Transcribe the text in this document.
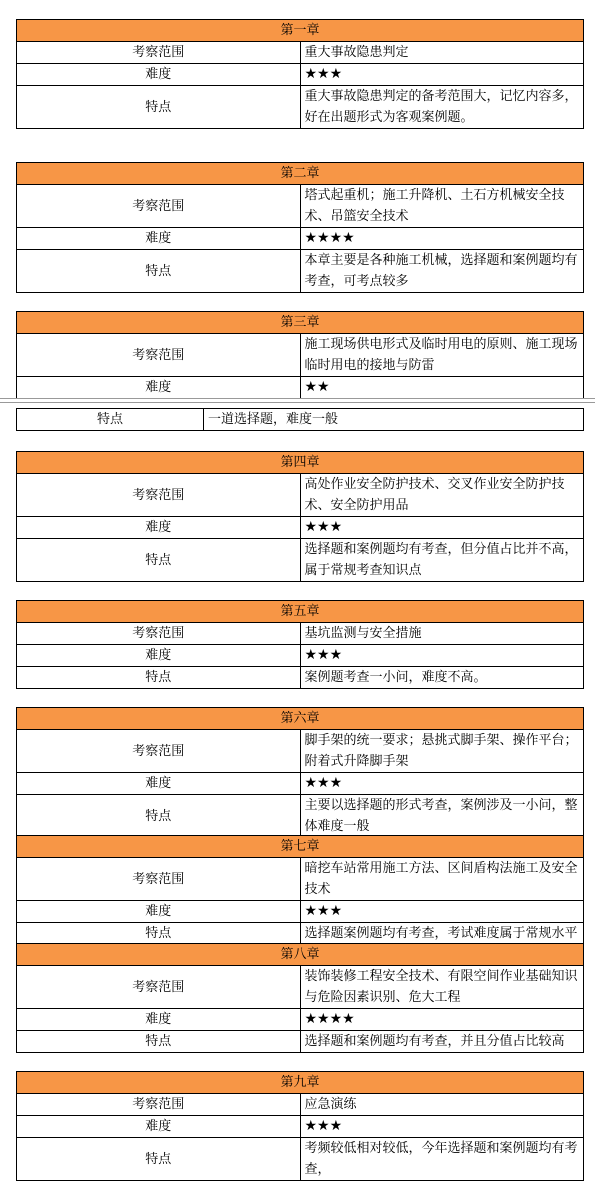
第一章	
考察范围	重大事故隐患判定
难度	★★★
特点	重大事故隐患判定的备考范围大，记忆内容多，好在出题形式为客观案例题。
第二章	
考察范围	塔式起重机；施工升降机、土石方机械安全技术、吊篮安全技术
难度	★★★★
特点	本章主要是各种施工机械，选择题和案例题均有考查，可考点较多
第三章	
考察范围	施工现场供电形式及临时用电的原则、施工现场临时用电的接地与防雷
难度	★★
特点	一道选择题，难度一般
第四章	
考察范围	高处作业安全防护技术、交叉作业安全防护技术、安全防护用品
难度	★★★
特点	选择题和案例题均有考查，但分值占比并不高，属于常规考查知识点
第五章	
考察范围	基坑监测与安全措施
难度	★★★
特点	案例题考查一小问，难度不高。
第六章	
考察范围	脚手架的统一要求；悬挑式脚手架、操作平台；附着式升降脚手架
难度	★★★
特点	主要以选择题的形式考查，案例涉及一小问，整体难度一般
第七章	
考察范围	暗挖车站常用施工方法、区间盾构法施工及安全技术
难度	★★★
特点	选择题案例题均有考查，考试难度属于常规水平
第八章	
考察范围	装饰装修工程安全技术、有限空间作业基础知识与危险因素识别、危大工程
难度	★★★★
特点	选择题和案例题均有考查，并且分值占比较高
第九章	
考察范围	应急演练
难度	★★★
特点	考频较低相对较低，今年选择题和案例题均有考查，
